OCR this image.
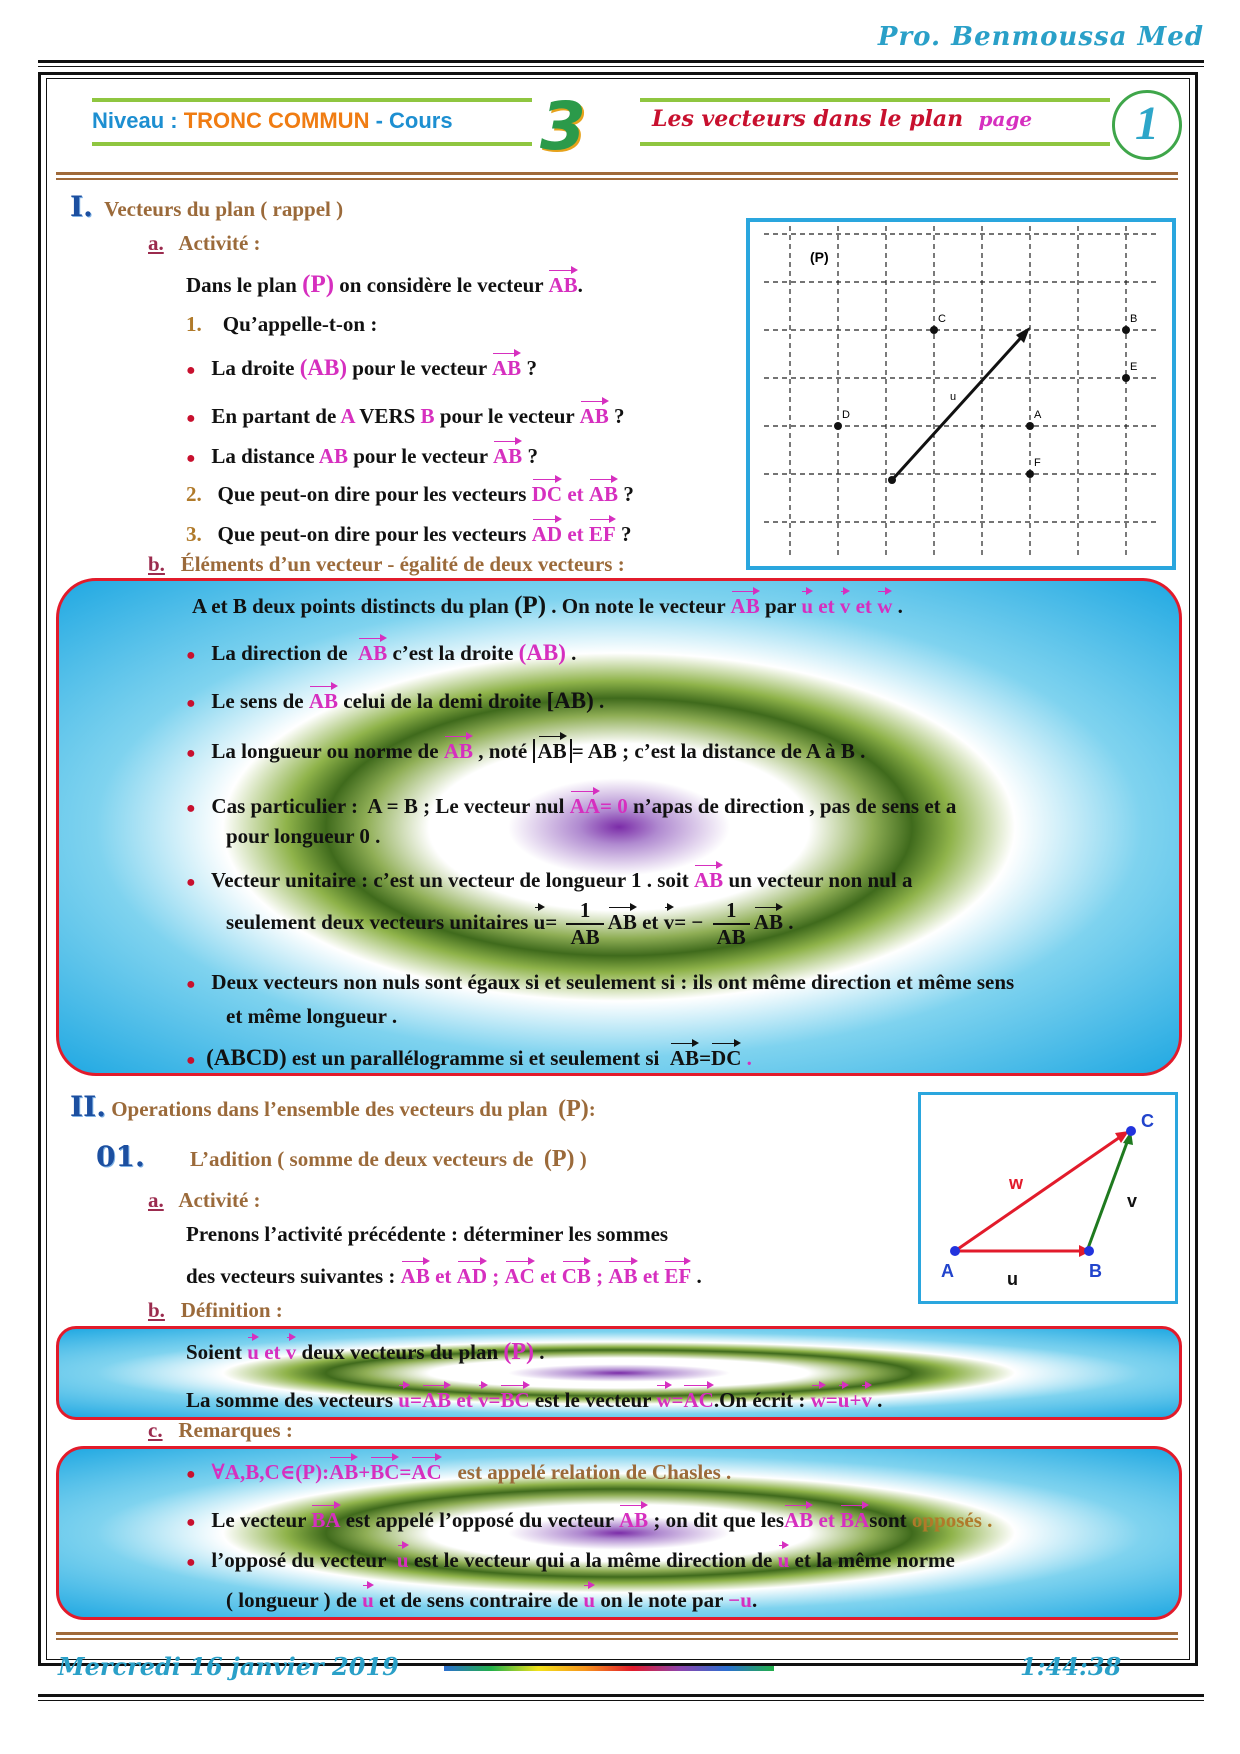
Pro. Benmoussa Med
Niveau : TRONC COMMUN - Cours 3	Les vecteurs dans le plan page	1
I. Vecteurs du plan ( rappel )
a. Activité :
Dans le plan (P) on considère le vecteur AB.
1. Qu’appelle-t-on :
● La droite (AB) pour le vecteur AB ?
● En partant de A VERS B pour le vecteur AB ?
● La distance AB pour le vecteur AB ?
2. Que peut-on dire pour les vecteurs DC et AB ?
3. Que peut-on dire pour les vecteurs AD et EF ?
b. Éléments d’un vecteur - égalité de deux vecteurs :
(P)
u
C	B
E
D	A
F
A et B deux points distincts du plan (P) . On note le vecteur AB par u et v et w .
● La direction de AB c’est la droite (AB) .
● Le sens de AB celui de la demi droite [AB) .
● La longueur ou norme de AB , noté AB = AB ; c’est la distance de A à B .
● Cas particulier : A = B ; Le vecteur nul AA= 0 n’apas de direction , pas de sens et a
pour longueur 0 .
● Vecteur unitaire : c’est un vecteur de longueur 1 . soit AB un vecteur non nul a
seulement deux vecteurs unitaires $u= \frac{1}{AB}$ AB et $v= - \frac{1}{AB}$ AB .
● Deux vecteurs non nuls sont égaux si et seulement si : ils ont même direction et même sens
et même longueur .
● (ABCD) est un parallélogramme si et seulement si AB=DC .
II. Operations dans l’ensemble des vecteurs du plan (P):
01. L’adition ( somme de deux vecteurs de (P) )
a. Activité :
Prenons l’activité précédente : déterminer les sommes
des vecteurs suivantes : AB et AD ; AC et CB ; AB et EF .
b. Définition :
A	B
C
u
v
w
Soient u et v deux vecteurs du plan (P) .
La somme des vecteurs u=AB et v=BC est le vecteur w=AC.On écrit : w=u+v .
c. Remarques :
● ∀A,B,C∈(P):AB+BC=AC est appelé relation de Chasles .
● Le vecteur BA est appelé l’opposé du vecteur AB ; on dit que lesAB et BAsont opposés .
● l’opposé du vecteur u est le vecteur qui a la même direction de u et la même norme
( longueur ) de u et de sens contraire de u on le note par −u.
Mercredi 16 janvier 2019	1:44:38
